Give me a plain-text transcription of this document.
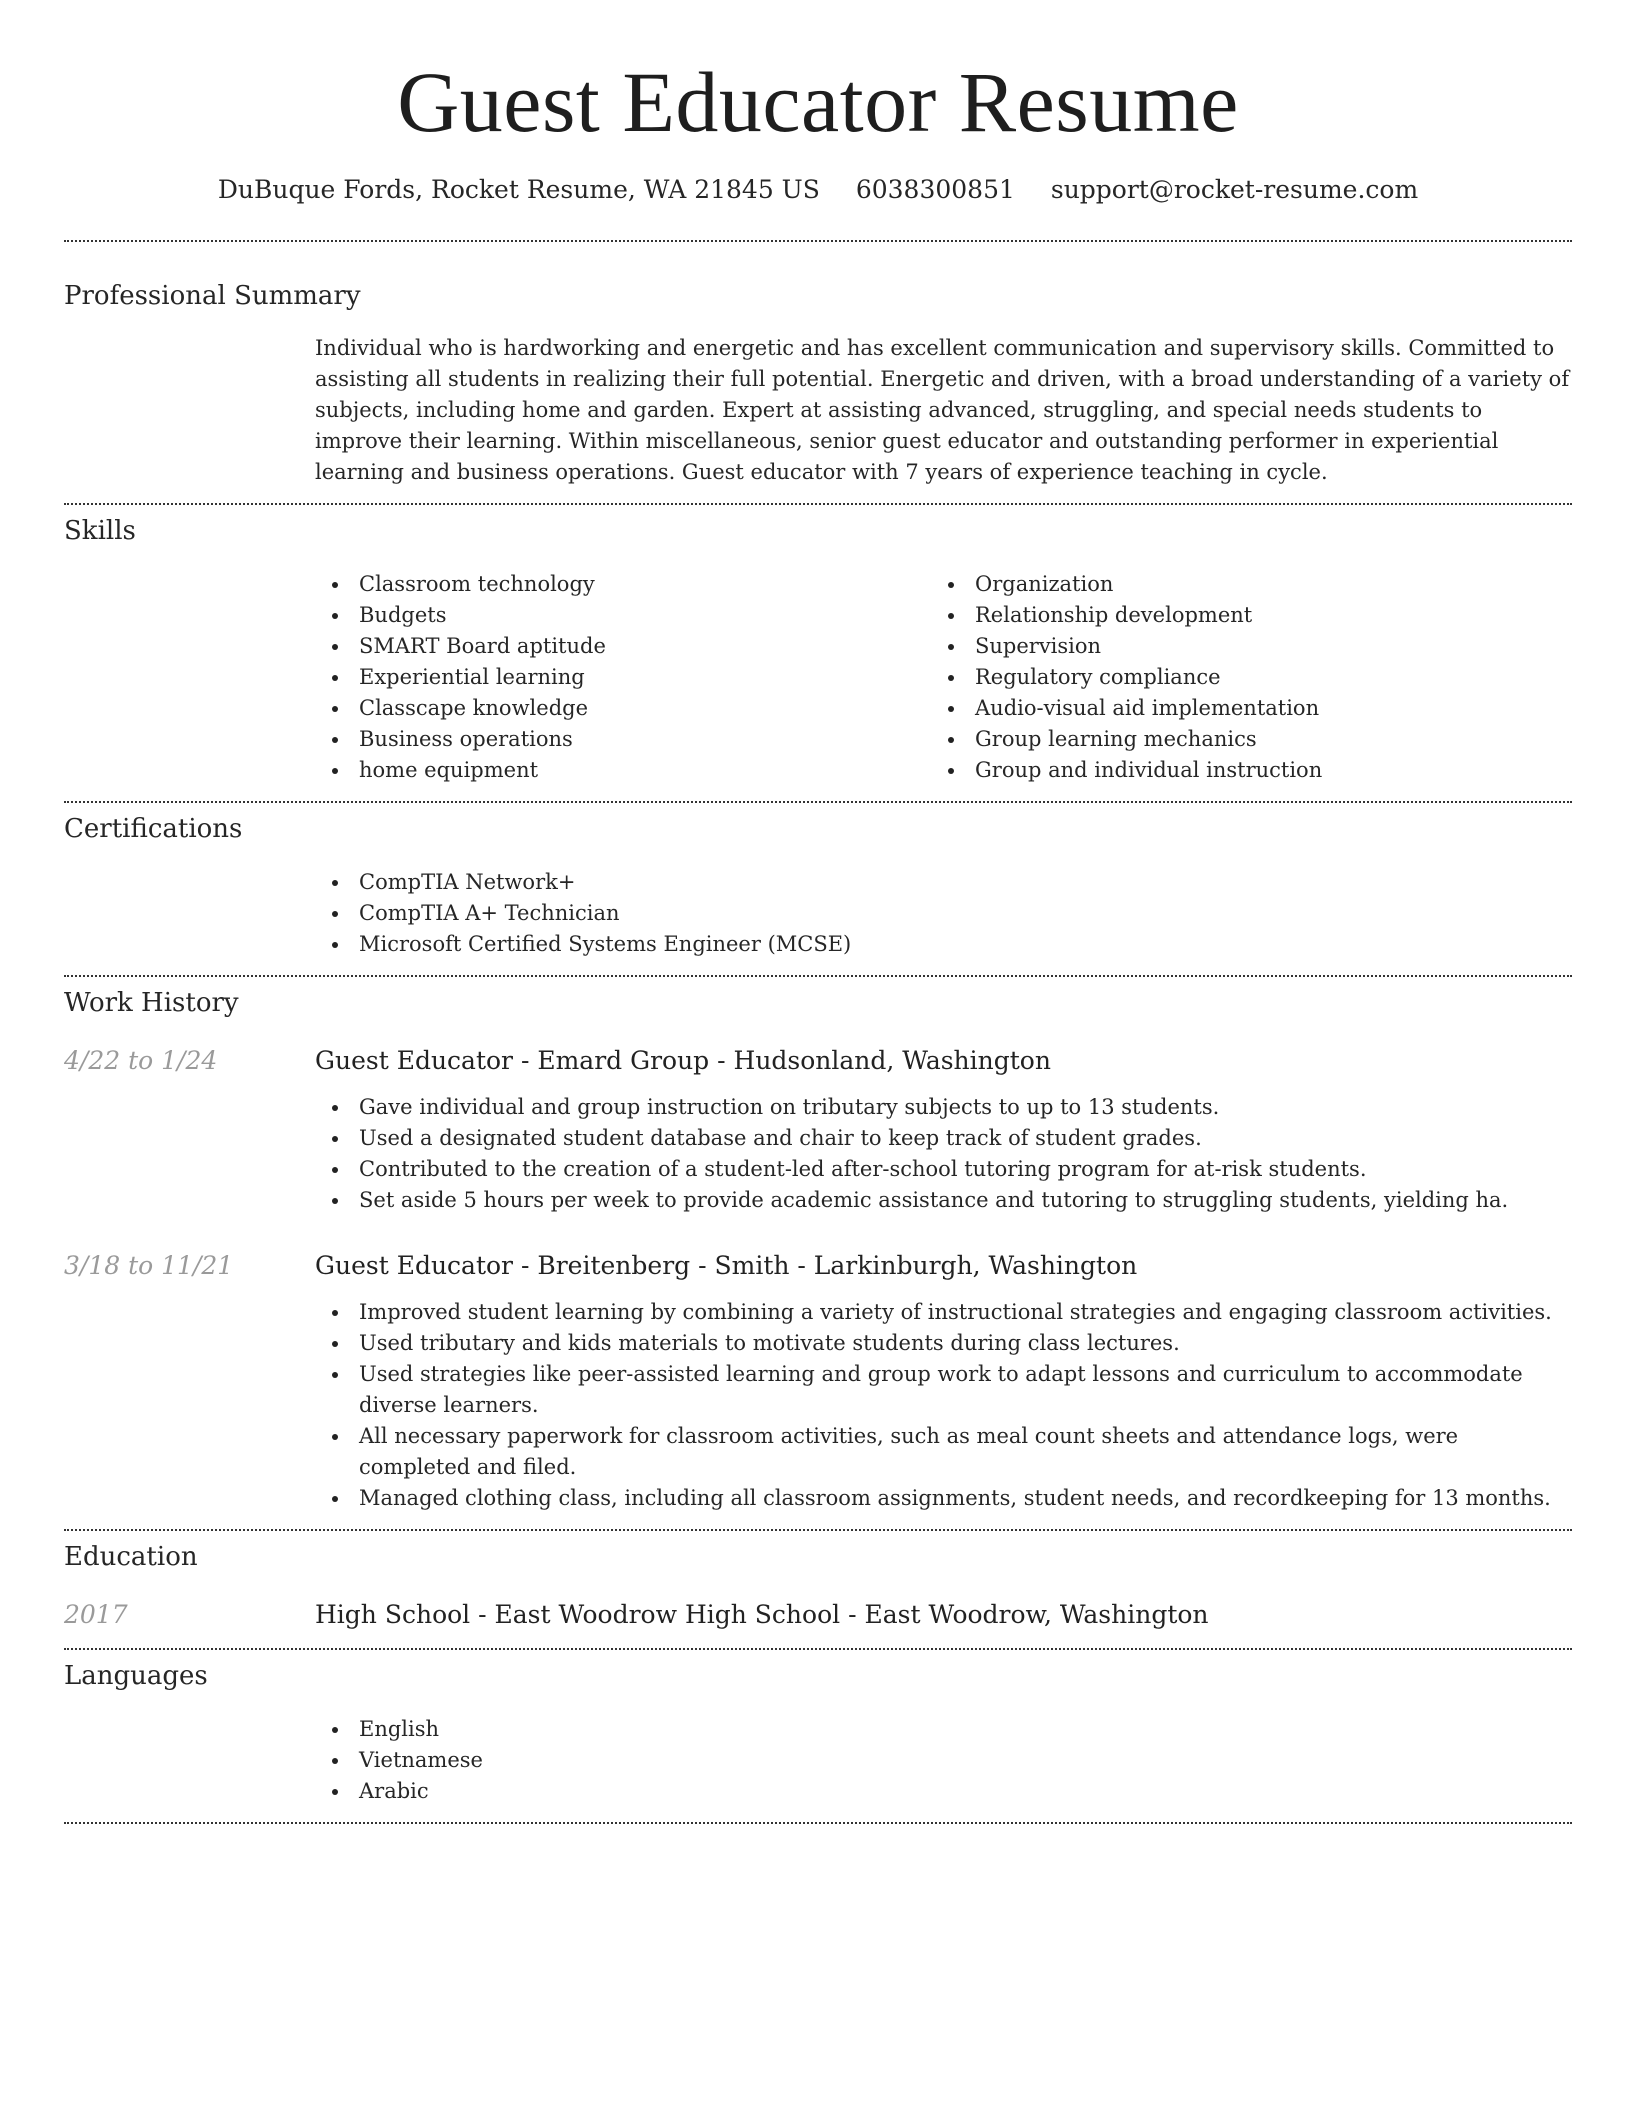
Guest Educator Resume
DuBuque Fords, Rocket Resume, WA 21845 US 6038300851 support@rocket-resume.com
Professional Summary

Individual who is hardworking and energetic and has excellent communication and supervisory skills. Committed to assisting all students in realizing their full potential. Energetic and driven, with a broad understanding of a variety of subjects, including home and garden. Expert at assisting advanced, struggling, and special needs students to improve their learning. Within miscellaneous, senior guest educator and outstanding performer in experiential learning and business operations. Guest educator with 7 years of experience teaching in cycle.

Skills
Classroom technology
Budgets
SMART Board aptitude
Experiential learning
Classcape knowledge
Business operations
home equipment
Organization
Relationship development
Supervision
Regulatory compliance
Audio-visual aid implementation
Group learning mechanics
Group and individual instruction
Certifications
CompTIA Network+
CompTIA A+ Technician
Microsoft Certified Systems Engineer (MCSE)
Work History
4/22 to 1/24	Guest Educator - Emard Group - Hudsonland, Washington
Gave individual and group instruction on tributary subjects to up to 13 students.
Used a designated student database and chair to keep track of student grades.
Contributed to the creation of a student-led after-school tutoring program for at-risk students.
Set aside 5 hours per week to provide academic assistance and tutoring to struggling students, yielding ha.
3/18 to 11/21	Guest Educator - Breitenberg - Smith - Larkinburgh, Washington
Improved student learning by combining a variety of instructional strategies and engaging classroom activities.
Used tributary and kids materials to motivate students during class lectures.
Used strategies like peer-assisted learning and group work to adapt lessons and curriculum to accommodate diverse learners.
All necessary paperwork for classroom activities, such as meal count sheets and attendance logs, were completed and filed.
Managed clothing class, including all classroom assignments, student needs, and recordkeeping for 13 months.
Education
2017	High School - East Woodrow High School - East Woodrow, Washington
Languages
English
Vietnamese
Arabic
